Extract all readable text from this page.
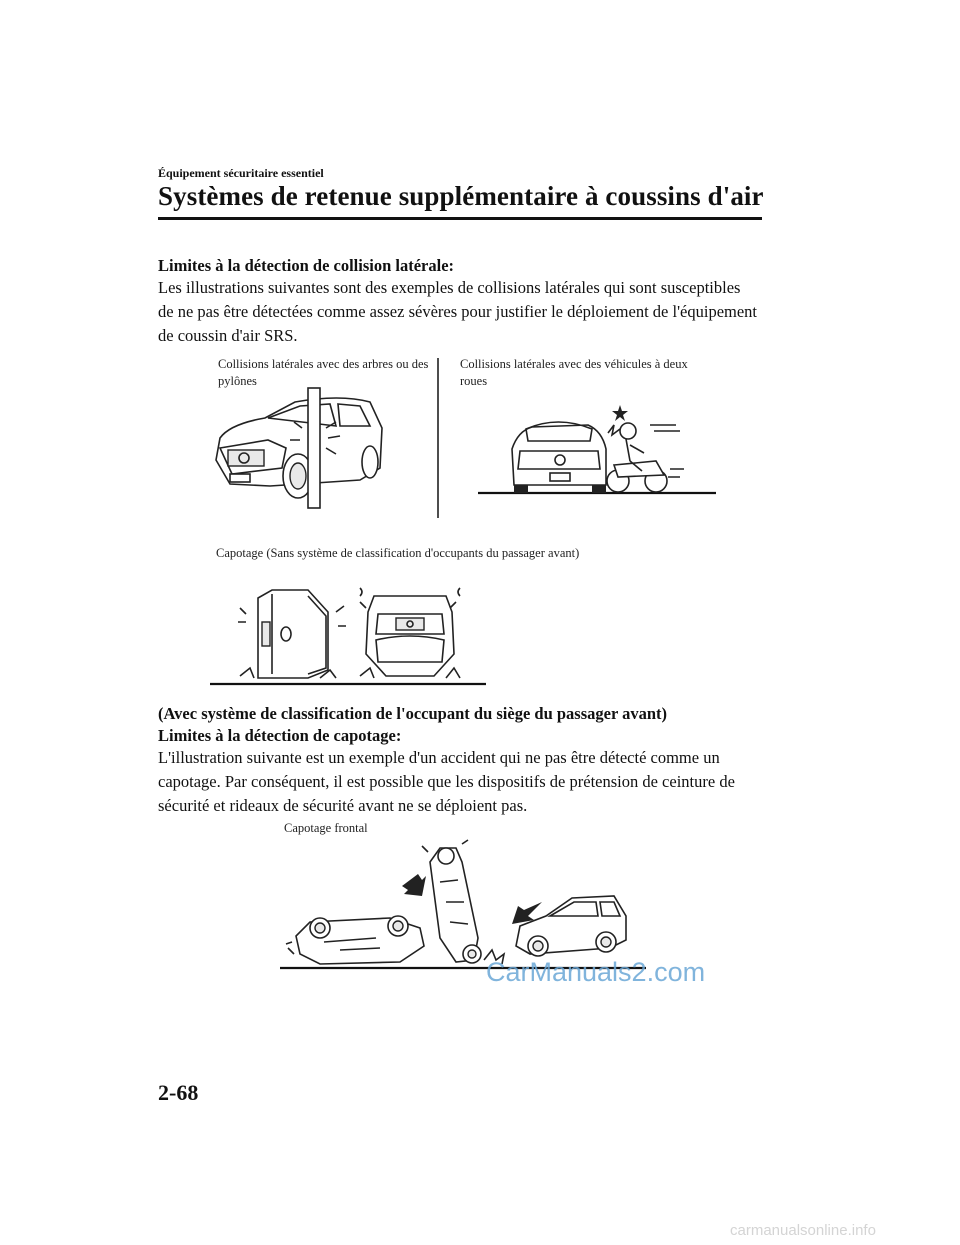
Équipement sécuritaire essentiel
Systèmes de retenue supplémentaire à coussins d'air
Limites à la détection de collision latérale:

Les illustrations suivantes sont des exemples de collisions latérales qui sont susceptibles de ne pas être détectées comme assez sévères pour justifier le déploiement de l'équipement de coussin d'air SRS.

Collisions latérales avec des arbres ou des pylônes
Collisions latérales avec des véhicules à deux roues
Capotage (Sans système de classification d'occupants du passager avant)
(Avec système de classification de l'occupant du siège du passager avant)
Limites à la détection de capotage:

L'illustration suivante est un exemple d'un accident qui ne pas être détecté comme un capotage. Par conséquent, il est possible que les dispositifs de prétension de ceinture de sécurité et rideaux de sécurité avant ne se déploient pas.

Capotage frontal
2-68
CarManuals2.com
carmanualsonline.info
